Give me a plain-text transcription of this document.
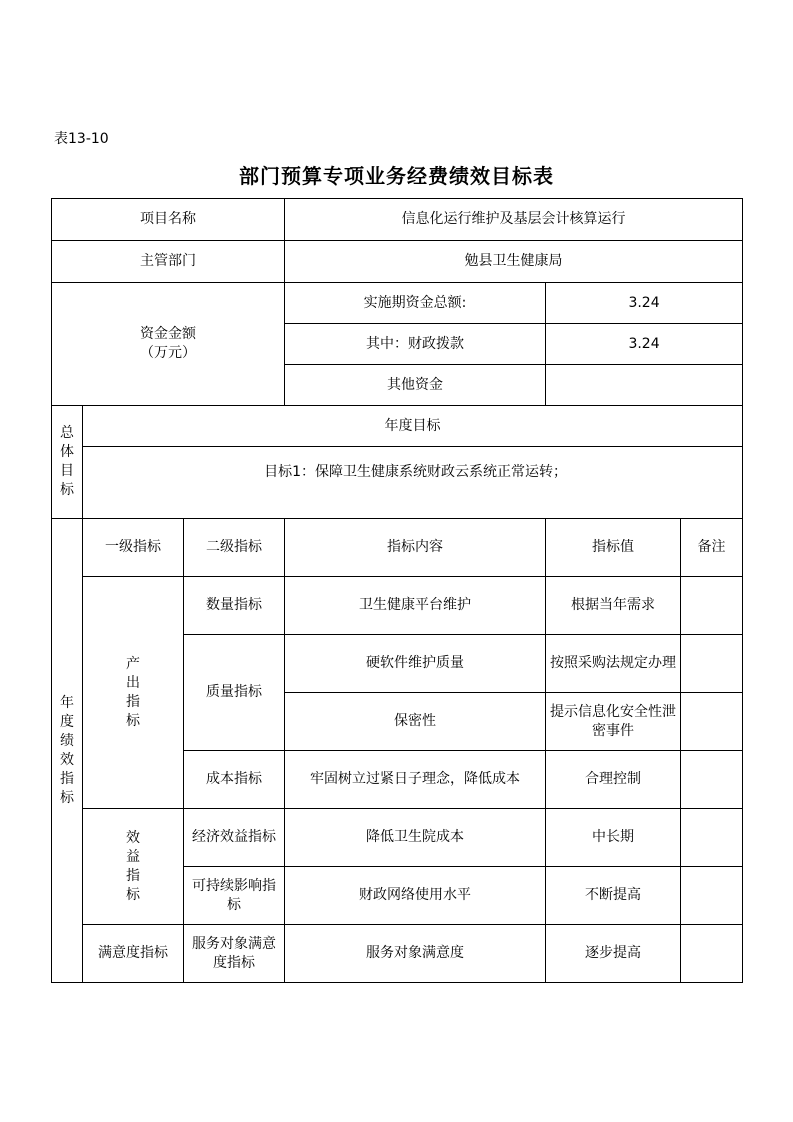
表13-10
部门预算专项业务经费绩效目标表
项目名称			信息化运行维护及基层会计核算运行		
主管部门			勉县卫生健康局		

资金金额
（万元）			实施期资金总额:	3.24	
			其中：财政拨款	3.24	
			其他资金		
总体目标	年度目标				
	目标1：保障卫生健康系统财政云系统正常运转；				
年度绩效指标	一级指标	二级指标	指标内容	指标值	备注
	产出指标	数量指标	卫生健康平台维护	根据当年需求	
		质量指标	硬软件维护质量	按照采购法规定办理	
			保密性	提示信息化安全性泄密事件	
		成本指标	牢固树立过紧日子理念，降低成本	合理控制	
	效益指标	经济效益指标	降低卫生院成本	中长期	
		可持续影响指标	财政网络使用水平	不断提高	
	满意度指标	服务对象满意度指标	服务对象满意度	逐步提高	
